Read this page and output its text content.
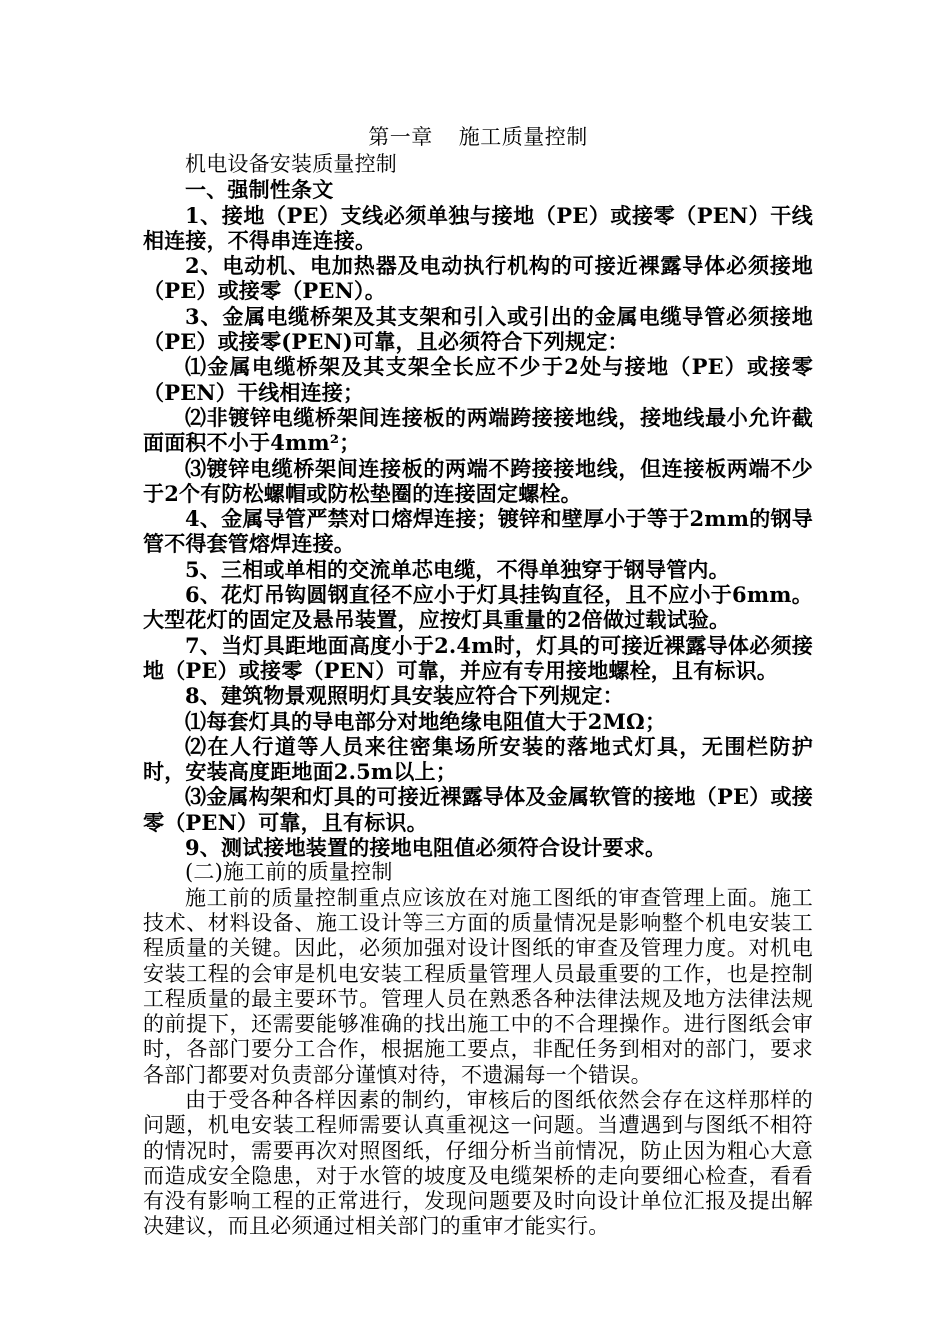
第一章 施工质量控制

机电设备安装质量控制

一、强制性条文

1、接地（PE）支线必须单独与接地（PE）或接零（PEN）干线相连接，不得串连连接。

2、电动机、电加热器及电动执行机构的可接近裸露导体必须接地（PE）或接零（PEN）。

3、金属电缆桥架及其支架和引入或引出的金属电缆导管必须接地（PE）或接零(PEN)可靠，且必须符合下列规定：

⑴金属电缆桥架及其支架全长应不少于2处与接地（PE）或接零（PEN）干线相连接；

⑵非镀锌电缆桥架间连接板的两端跨接接地线，接地线最小允许截面面积不小于4mm²；

⑶镀锌电缆桥架间连接板的两端不跨接接地线，但连接板两端不少于2个有防松螺帽或防松垫圈的连接固定螺栓。

4、金属导管严禁对口熔焊连接；镀锌和壁厚小于等于2mm的钢导管不得套管熔焊连接。

5、三相或单相的交流单芯电缆，不得单独穿于钢导管内。

6、花灯吊钩圆钢直径不应小于灯具挂钩直径，且不应小于6mm。大型花灯的固定及悬吊装置，应按灯具重量的2倍做过载试验。

7、当灯具距地面高度小于2.4m时，灯具的可接近裸露导体必须接地（PE）或接零（PEN）可靠，并应有专用接地螺栓，且有标识。

8、建筑物景观照明灯具安装应符合下列规定：

⑴每套灯具的导电部分对地绝缘电阻值大于2MΩ；

⑵在人行道等人员来往密集场所安装的落地式灯具，无围栏防护时，安装高度距地面2.5m以上；

⑶金属构架和灯具的可接近裸露导体及金属软管的接地（PE）或接零（PEN）可靠，且有标识。

9、测试接地装置的接地电阻值必须符合设计要求。

(二)施工前的质量控制

施工前的质量控制重点应该放在对施工图纸的审查管理上面。施工技术、材料设备、施工设计等三方面的质量情况是影响整个机电安装工程质量的关键。因此，必须加强对设计图纸的审查及管理力度。对机电安装工程的会审是机电安装工程质量管理人员最重要的工作，也是控制工程质量的最主要环节。管理人员在熟悉各种法律法规及地方法律法规的前提下，还需要能够准确的找出施工中的不合理操作。进行图纸会审时，各部门要分工合作，根据施工要点，非配任务到相对的部门，要求各部门都要对负责部分谨慎对待，不遗漏每一个错误。

由于受各种各样因素的制约，审核后的图纸依然会存在这样那样的问题，机电安装工程师需要认真重视这一问题。当遭遇到与图纸不相符的情况时，需要再次对照图纸，仔细分析当前情况，防止因为粗心大意而造成安全隐患，对于水管的坡度及电缆架桥的走向要细心检查，看看有没有影响工程的正常进行，发现问题要及时向设计单位汇报及提出解决建议，而且必须通过相关部门的重审才能实行。
